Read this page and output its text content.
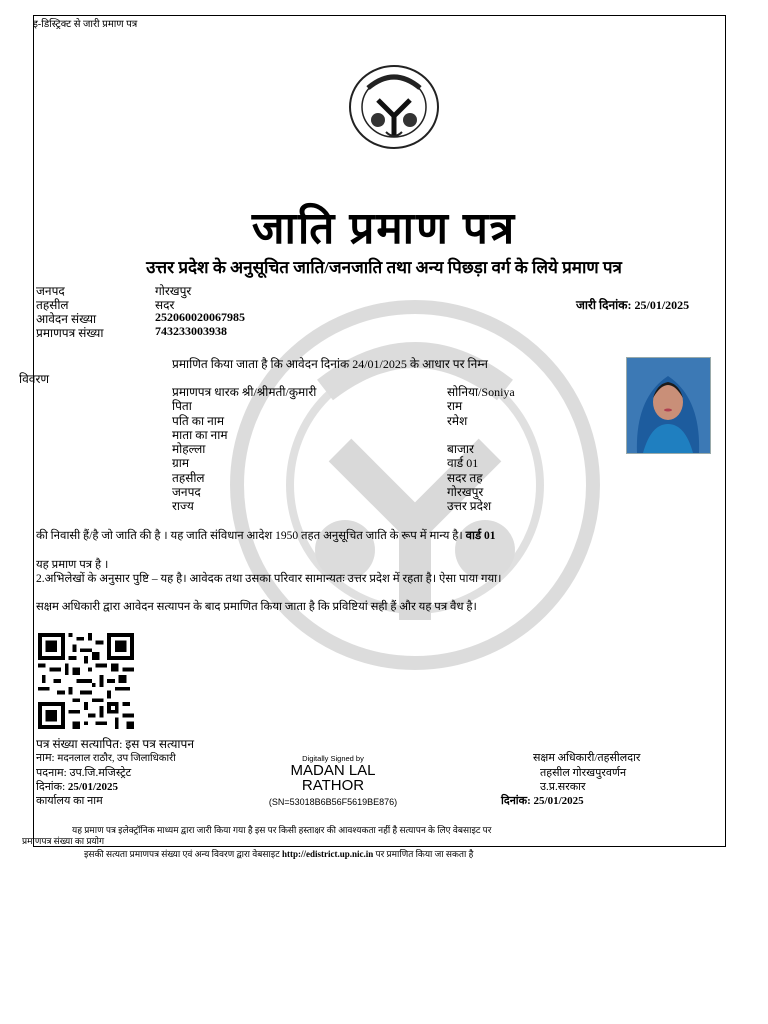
इ-डिस्ट्रिक्ट से जारी प्रमाण पत्र
जाति प्रमाण पत्र
उत्तर प्रदेश के अनुसूचित जाति/जनजाति तथा अन्य पिछड़ा वर्ग के लिये प्रमाण पत्र
जनपद	गोरखपुर
तहसील	सदर
आवेदन संख्या	252060020067985
प्रमाणपत्र संख्या	743233003938
जारी दिनांक: 25/01/2025
प्रमाणित किया जाता है कि आवेदन दिनांक 24/01/2025 के आधार पर निम्न
विवरण
प्रमाणपत्र धारक श्री/श्रीमती/कुमारी	सोनिया/Soniya
पिता	राम
पति का नाम	रमेश
माता का नाम
मोहल्ला	बाजार
ग्राम	वार्ड 01
तहसील	सदर तह
जनपद	गोरखपुर
राज्य	उत्तर प्रदेश
की निवासी हैं/है जो जाति की है । यह जाति संविधान आदेश 1950 तहत अनुसूचित जाति के रूप में मान्य है। वार्ड 01
यह प्रमाण पत्र है ।
2.अभिलेखों के अनुसार पुष्टि – यह है। आवेदक तथा उसका परिवार सामान्यतः उत्तर प्रदेश में रहता है। ऐसा पाया गया।
सक्षम अधिकारी द्वारा आवेदन सत्यापन के बाद प्रमाणित किया जाता है कि प्रविष्टियां सही हैं और यह पत्र वैध है।
पत्र संख्या सत्यापित: इस पत्र सत्यापन
नाम: मदनलाल राठौर, उप जिलाधिकारी
पदनाम: उप.जि.मजिस्ट्रेट
दिनांक: 25/01/2025
कार्यालय का नाम
Digitally Signed by
MADAN LAL
RATHOR
(SN=53018B6B56F5619BE876)
सक्षम अधिकारी/तहसीलदार
तहसील गोरखपुरवर्णन
उ.प्र.सरकार
दिनांक: 25/01/2025
यह प्रमाण पत्र इलेक्ट्रॉनिक माध्यम द्वारा जारी किया गया है इस पर किसी हस्ताक्षर की आवश्यकता नहीं है सत्यापन के लिए वेबसाइट पर
प्रमाणपत्र संख्या का प्रयोग
इसकी सत्यता प्रमाणपत्र संख्या एवं अन्य विवरण द्वारा वेबसाइट http://edistrict.up.nic.in पर प्रमाणित किया जा सकता है
